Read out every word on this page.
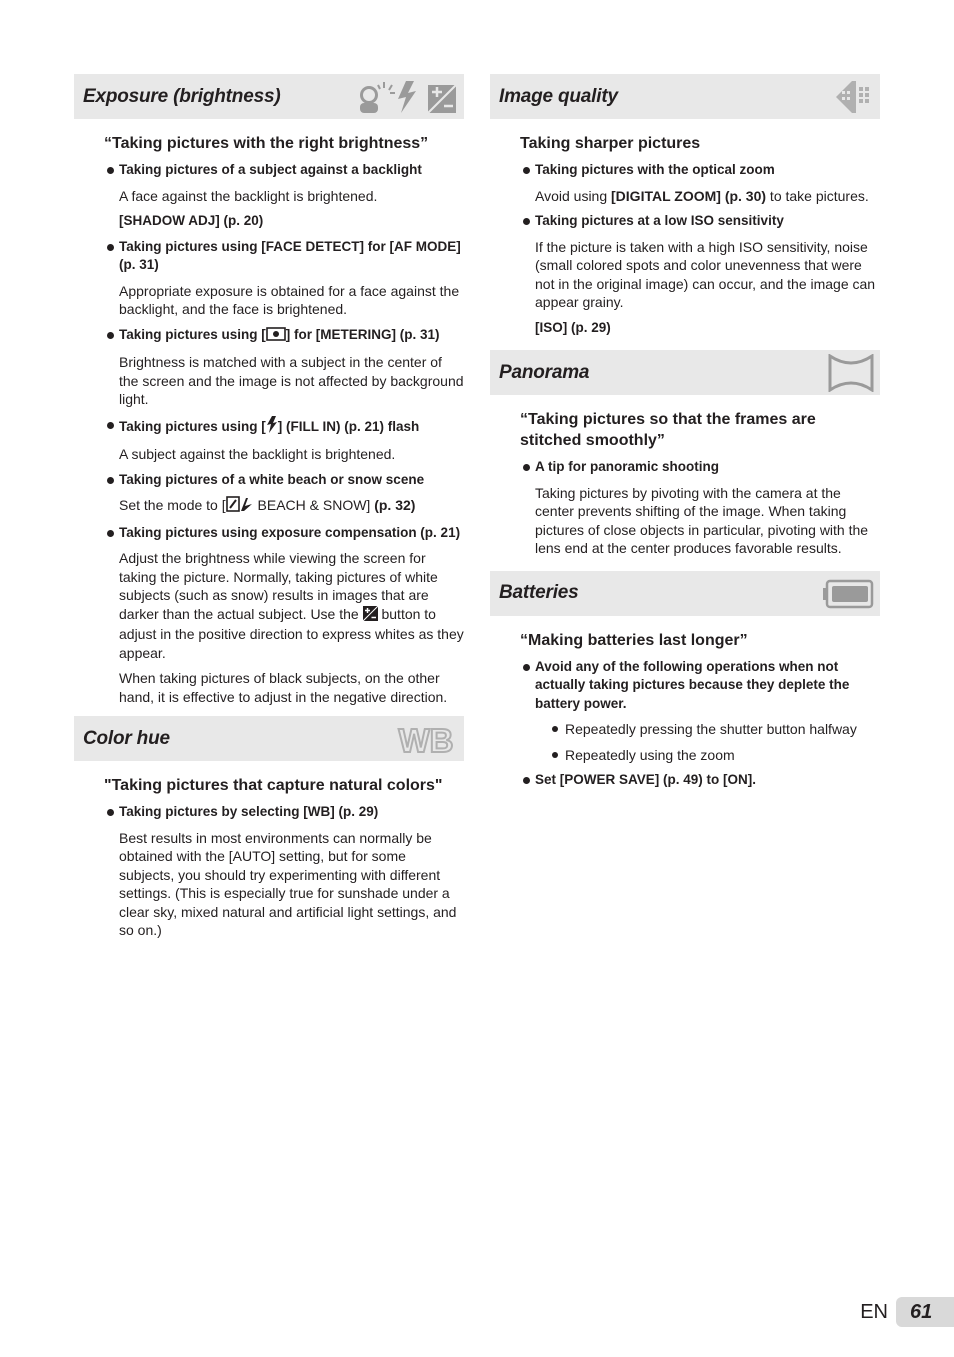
Exposure (brightness)
“Taking pictures with the right brightness”
Taking pictures of a subject against a backlight
A face against the backlight is brightened.
[SHADOW ADJ] (p. 20)
Taking pictures using [FACE DETECT] for [AF MODE] (p. 31)
Appropriate exposure is obtained for a face against the backlight, and the face is brightened.
Taking pictures using [ ] for [METERING] (p. 31)
Brightness is matched with a subject in the center of the screen and the image is not affected by background light.
Taking pictures using [ ] (FILL IN) (p. 21) flash
A subject against the backlight is brightened.
Taking pictures of a white beach or snow scene
Set the mode to [ BEACH & SNOW] (p. 32)
Taking pictures using exposure compensation (p. 21)
Adjust the brightness while viewing the screen for taking the picture. Normally, taking pictures of white subjects (such as snow) results in images that are darker than the actual subject. Use the  button to adjust in the positive direction to express whites as they appear.
When taking pictures of black subjects, on the other hand, it is effective to adjust in the negative direction.
Color hue	WB
"Taking pictures that capture natural colors"
Taking pictures by selecting [WB] (p. 29)
Best results in most environments can normally be obtained with the [AUTO] setting, but for some subjects, you should try experimenting with different settings. (This is especially true for sunshade under a clear sky, mixed natural and artificial light settings, and so on.)
Image quality
Taking sharper pictures
Taking pictures with the optical zoom
Avoid using [DIGITAL ZOOM] (p. 30) to take pictures.
Taking pictures at a low ISO sensitivity
If the picture is taken with a high ISO sensitivity, noise (small colored spots and color unevenness that were not in the original image) can occur, and the image can appear grainy.
[ISO] (p. 29)
Panorama
“Taking pictures so that the frames are stitched smoothly”
A tip for panoramic shooting
Taking pictures by pivoting with the camera at the center prevents shifting of the image. When taking pictures of close objects in particular, pivoting with the lens end at the center produces favorable results.
Batteries
“Making batteries last longer”
Avoid any of the following operations when not actually taking pictures because they deplete the battery power.
Repeatedly pressing the shutter button halfway
Repeatedly using the zoom
Set [POWER SAVE] (p. 49) to [ON].
EN	61
